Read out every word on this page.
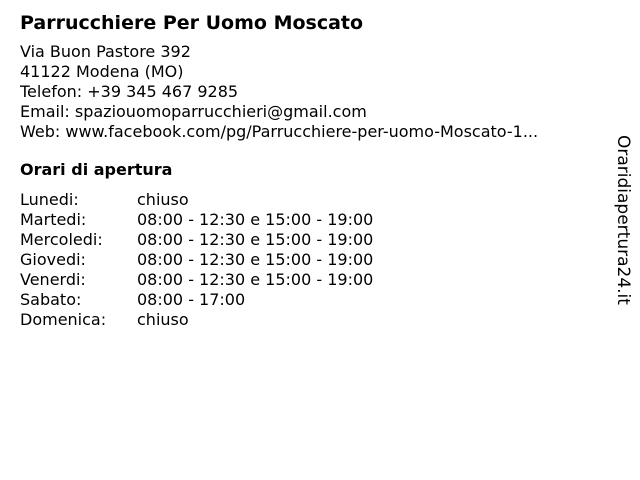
Parrucchiere Per Uomo Moscato
Via Buon Pastore 392
41122 Modena (MO)
Telefon: +39 345 467 9285
Email: spaziouomoparrucchieri@gmail.com
Web: www.facebook.com/pg/Parrucchiere-per-uomo-Moscato-1...
Orari di apertura
Lunedi:	chiuso
Martedi:	08:00 - 12:30 e 15:00 - 19:00
Mercoledi:	08:00 - 12:30 e 15:00 - 19:00
Giovedi:	08:00 - 12:30 e 15:00 - 19:00
Venerdi:	08:00 - 12:30 e 15:00 - 19:00
Sabato:	08:00 - 17:00
Domenica:	chiuso
Oraridiapertura24.it
